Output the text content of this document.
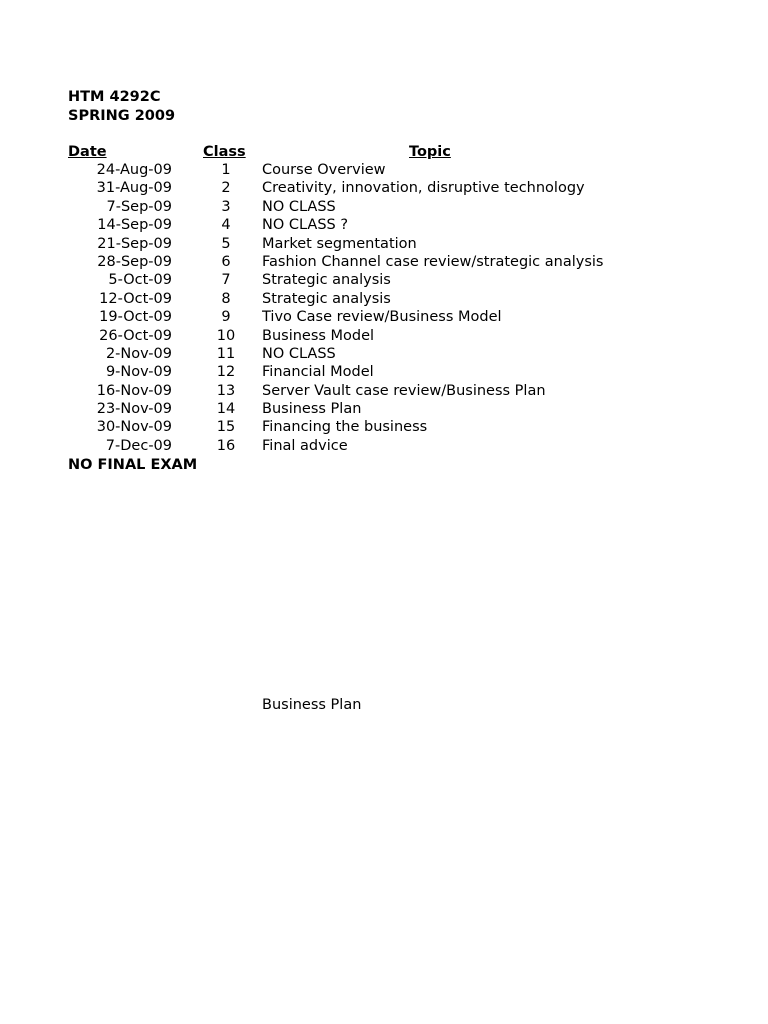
HTM 4292C
SPRING 2009
Date	Class	Topic
24-Aug-09	1	Course Overview
31-Aug-09	2	Creativity, innovation, disruptive technology
7-Sep-09	3	NO CLASS
14-Sep-09	4	NO CLASS ?
21-Sep-09	5	Market segmentation
28-Sep-09	6	Fashion Channel case review/strategic analysis
5-Oct-09	7	Strategic analysis
12-Oct-09	8	Strategic analysis
19-Oct-09	9	Tivo Case review/Business Model
26-Oct-09	10	Business Model
2-Nov-09	11	NO CLASS
9-Nov-09	12	Financial Model
16-Nov-09	13	Server Vault case review/Business Plan
23-Nov-09	14	Business Plan
30-Nov-09	15	Financing the business
7-Dec-09	16	Final advice
NO FINAL EXAM
Business Plan
